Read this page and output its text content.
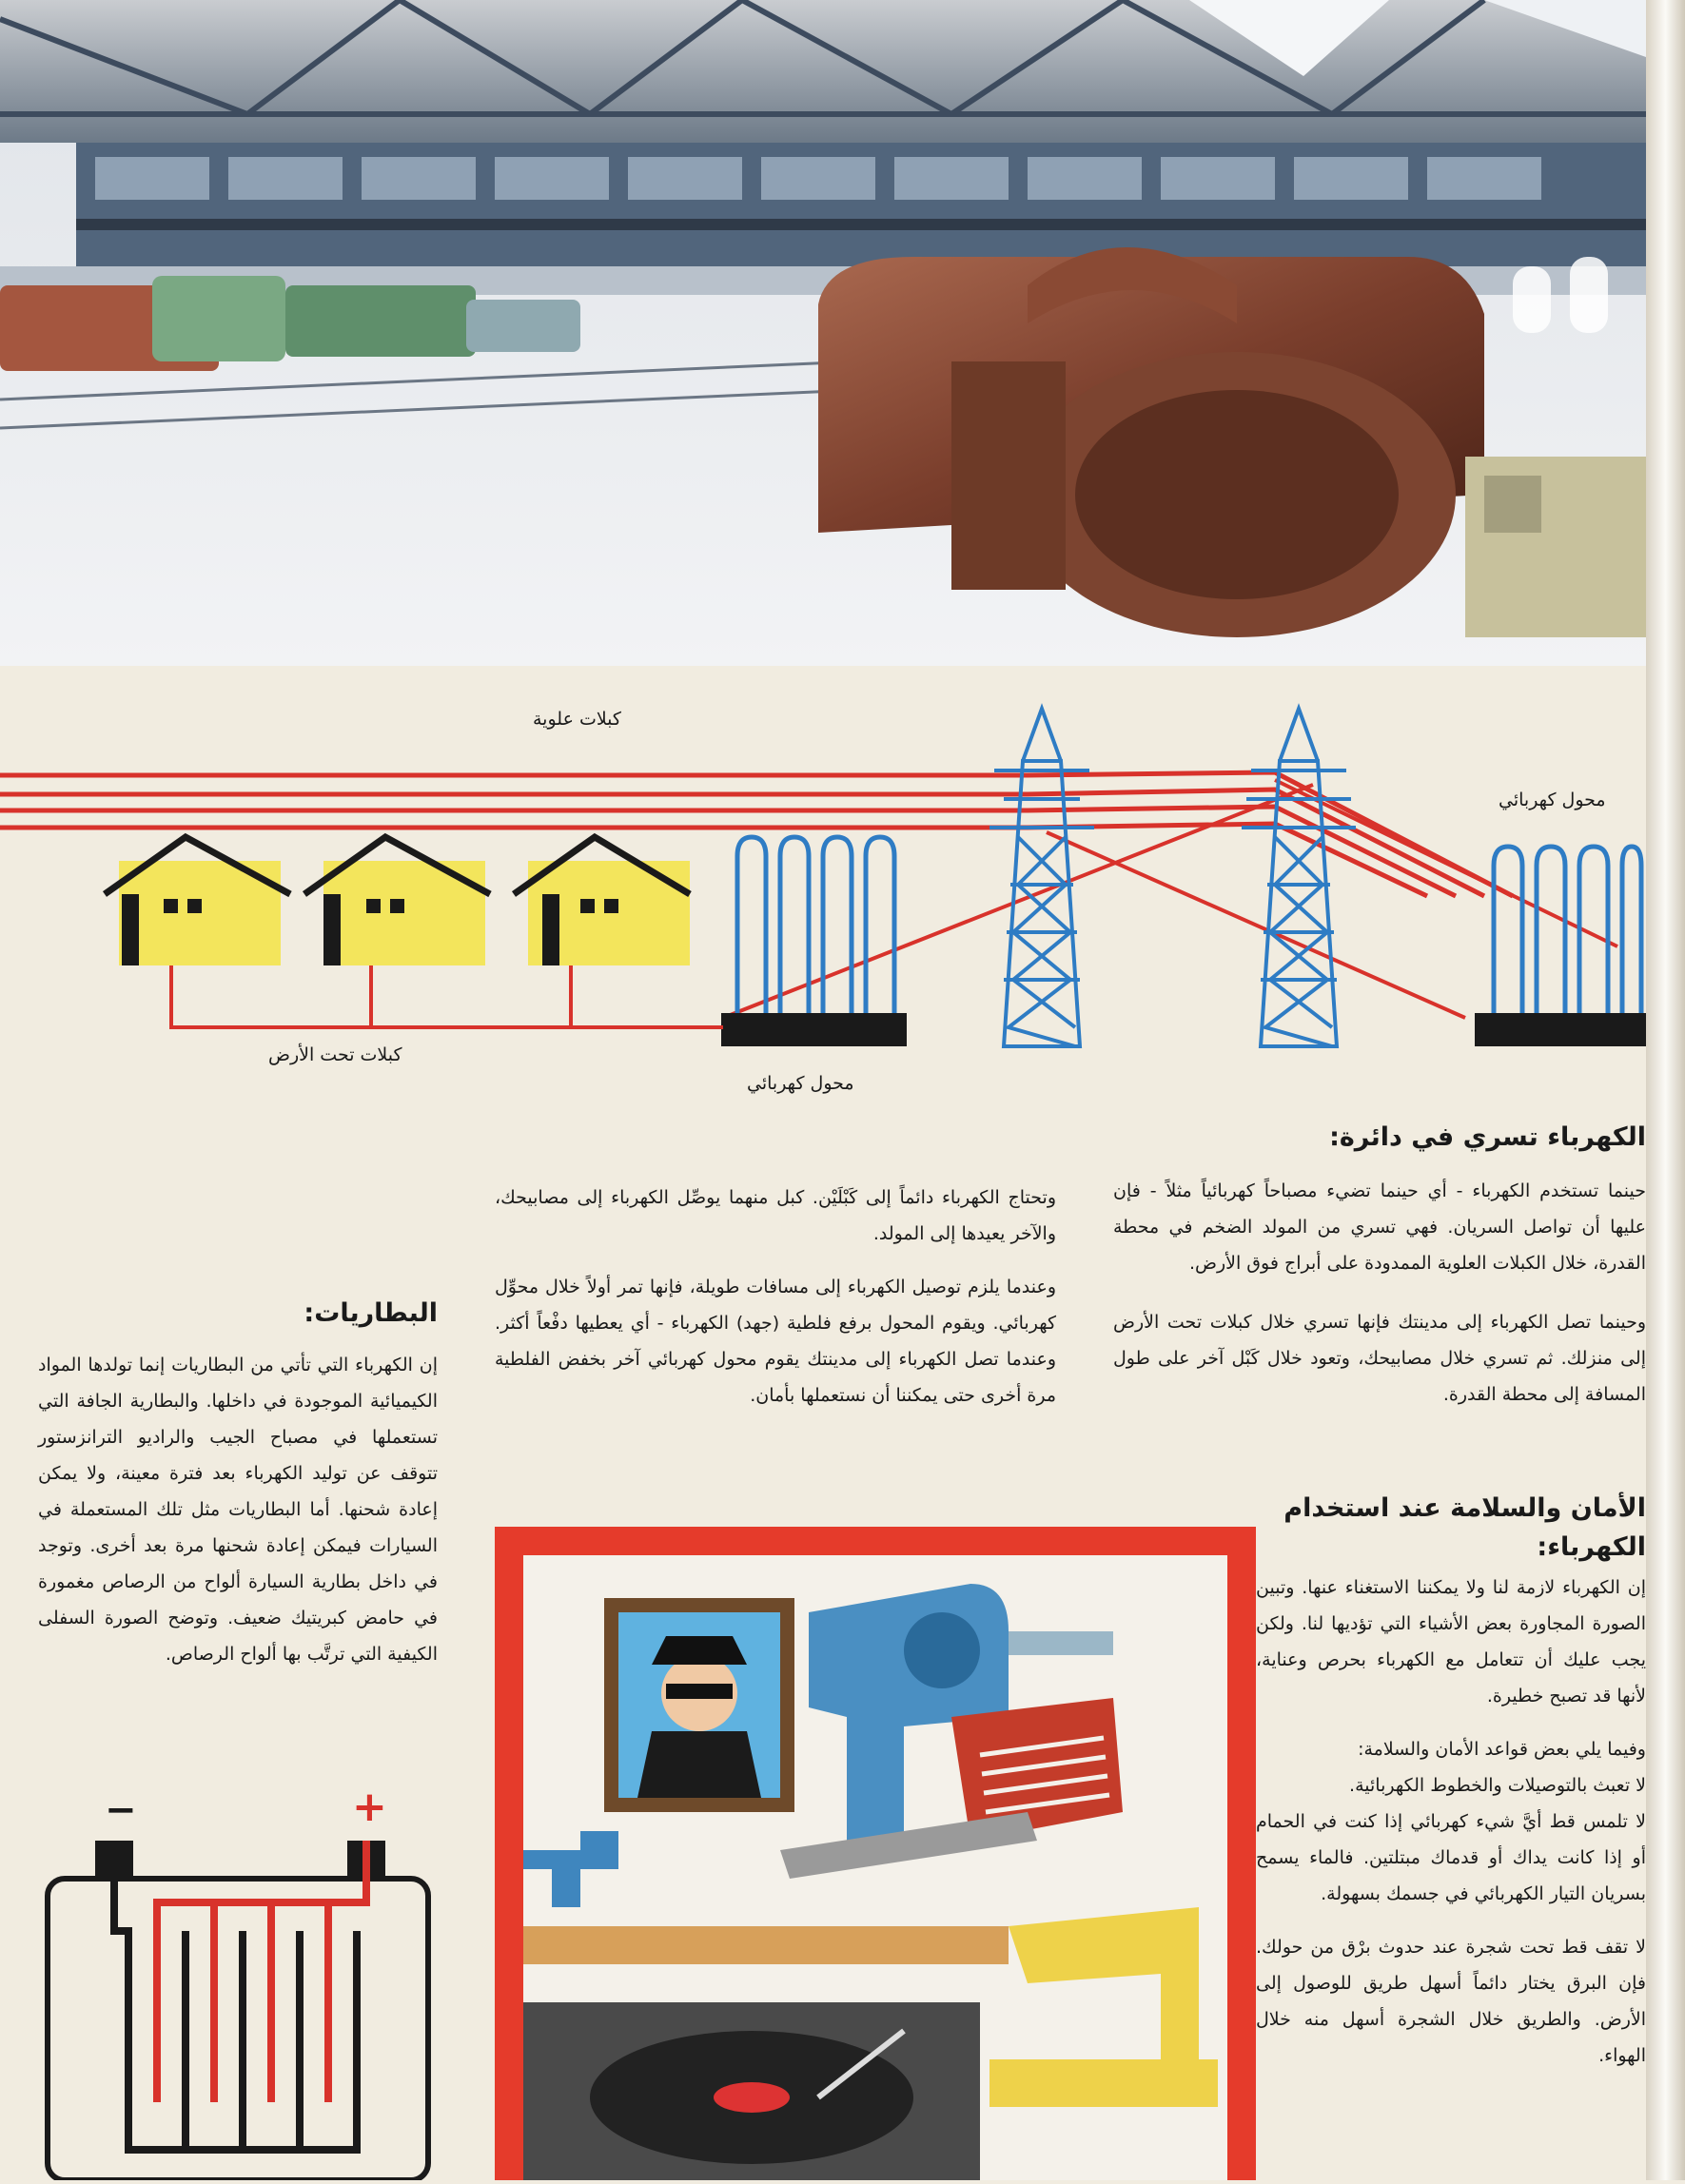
كبلات علوية
محول كهربائي
كبلات تحت الأرض
محول كهربائي
الكهرباء تسري في دائرة:
حينما تستخدم الكهرباء - أي حينما تضيء مصباحاً كهربائياً مثلاً - فإن عليها أن تواصل السريان. فهي تسري من المولد الضخم في محطة القدرة، خلال الكبلات العلوية الممدودة على أبراج فوق الأرض.
وحينما تصل الكهرباء إلى مدينتك فإنها تسري خلال كبلات تحت الأرض إلى منزلك. ثم تسري خلال مصابيحك، وتعود خلال كَبْل آخر على طول المسافة إلى محطة القدرة.
الأمان والسلامة عند استخدام
الكهرباء:
إن الكهرباء لازمة لنا ولا يمكننا الاستغناء عنها. وتبين الصورة المجاورة بعض الأشياء التي تؤديها لنا. ولكن يجب عليك أن تتعامل مع الكهرباء بحرص وعناية، لأنها قد تصبح خطيرة.
وفيما يلي بعض قواعد الأمان والسلامة:
لا تعبث بالتوصيلات والخطوط الكهربائية.
لا تلمس قط أيَّ شيء كهربائي إذا كنت في الحمام أو إذا كانت يداك أو قدماك مبتلتين. فالماء يسمح بسريان التيار الكهربائي في جسمك بسهولة.
لا تقف قط تحت شجرة عند حدوث برْق من حولك. فإن البرق يختار دائماً أسهل طريق للوصول إلى الأرض. والطريق خلال الشجرة أسهل منه خلال الهواء.
وتحتاج الكهرباء دائماً إلى كَبْلَيْن. كبل منهما يوصِّل الكهرباء إلى مصابيحك، والآخر يعيدها إلى المولد.
وعندما يلزم توصيل الكهرباء إلى مسافات طويلة، فإنها تمر أولاً خلال محوِّل كهربائي. ويقوم المحول برفع فلطية (جهد) الكهرباء - أي يعطيها دفْعاً أكثر. وعندما تصل الكهرباء إلى مدينتك يقوم محول كهربائي آخر بخفض الفلطية مرة أخرى حتى يمكننا أن نستعملها بأمان.
البطاريات:
إن الكهرباء التي تأتي من البطاريات إنما تولدها المواد الكيميائية الموجودة في داخلها. والبطارية الجافة التي تستعملها في مصباح الجيب والراديو الترانزستور تتوقف عن توليد الكهرباء بعد فترة معينة، ولا يمكن إعادة شحنها. أما البطاريات مثل تلك المستعملة في السيارات فيمكن إعادة شحنها مرة بعد أخرى. وتوجد في داخل بطارية السيارة ألواح من الرصاص مغمورة في حامض كبريتيك ضعيف. وتوضح الصورة السفلى الكيفية التي ترتَّب بها ألواح الرصاص.
−	+
